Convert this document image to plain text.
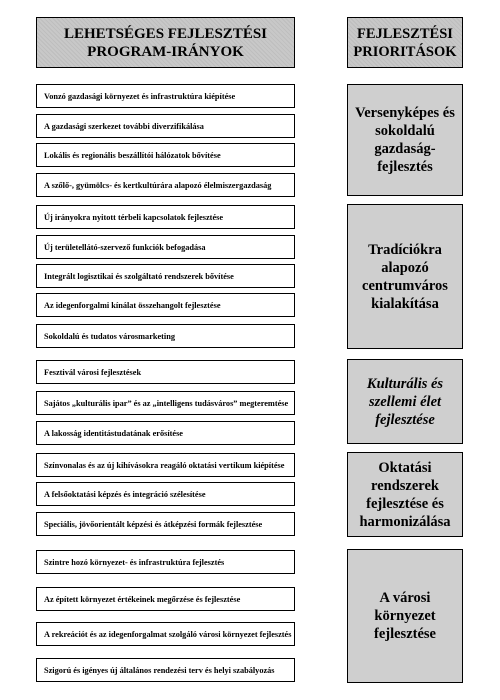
LEHETSÉGES FEJLESZTÉSI
PROGRAM-IRÁNYOK
FEJLESZTÉSI
PRIORITÁSOK
Vonzó gazdasági környezet és infrastruktúra kiépítése
A gazdasági szerkezet további diverzifikálása
Lokális és regionális beszállítói hálózatok bővítése
A szőlő-, gyümölcs- és kertkultúrára alapozó élelmiszergazdaság
Új irányokra nyitott térbeli kapcsolatok fejlesztése
Új területellátó-szervező funkciók befogadása
Integrált logisztikai és szolgáltató rendszerek bővítése
Az idegenforgalmi kínálat összehangolt fejlesztése
Sokoldalú és tudatos városmarketing
Fesztivál városi fejlesztések
Sajátos „kulturális ipar” és az „intelligens tudásváros” megteremtése
A lakosság identitástudatának erősítése
Színvonalas és az új kihívásokra reagáló oktatási vertikum kiépítése
A felsőoktatási képzés és integráció szélesítése
Speciális, jövőorientált képzési és átképzési formák fejlesztése
Szintre hozó környezet- és infrastruktúra fejlesztés
Az épített környezet értékeinek megőrzése és fejlesztése
A rekreációt és az idegenforgalmat szolgáló városi környezet fejlesztés
Szigorú és igényes új általános rendezési terv és helyi szabályozás
Versenyképes és
sokoldalú
gazdaság-
fejlesztés
Tradíciókra
alapozó
centrumváros
kialakítása
Kulturális és
szellemi élet
fejlesztése
Oktatási
rendszerek
fejlesztése és
harmonizálása
A városi
környezet
fejlesztése
